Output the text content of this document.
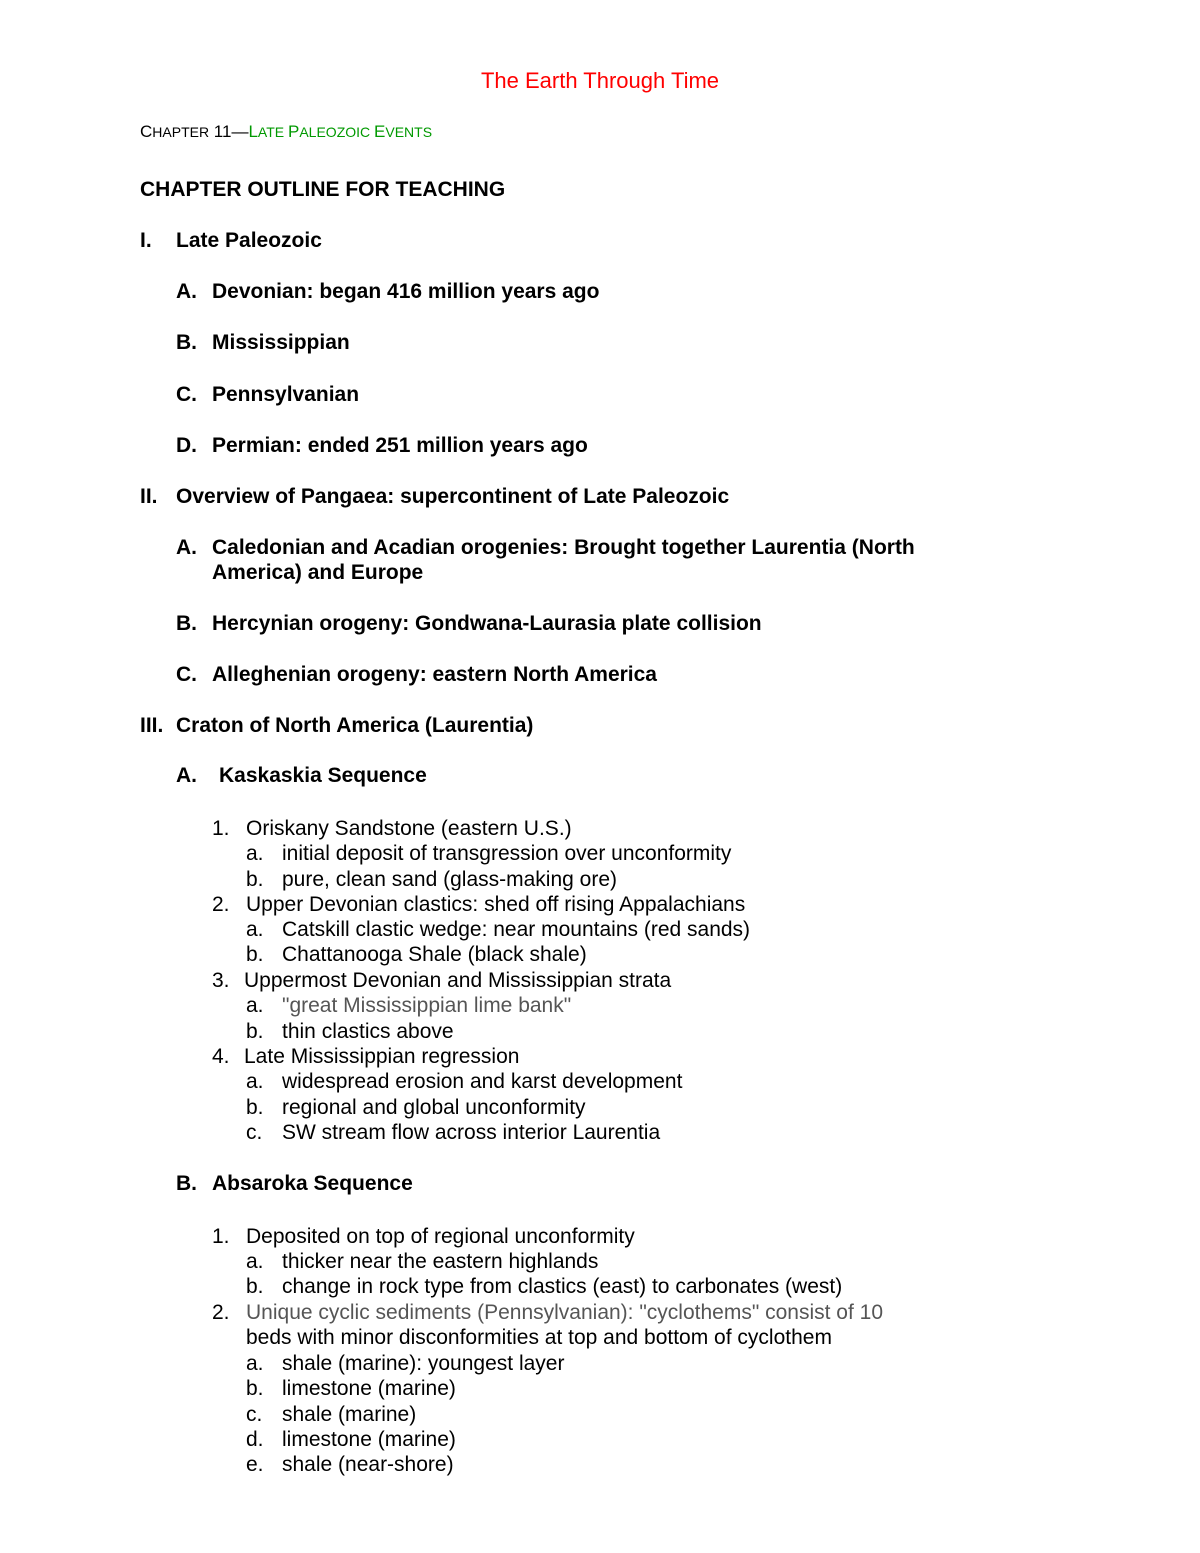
The Earth Through Time
CHAPTER 11—LATE PALEOZOIC EVENTS
CHAPTER OUTLINE FOR TEACHING
I. Late Paleozoic
A. Devonian: began 416 million years ago
B. Mississippian
C. Pennsylvanian
D. Permian: ended 251 million years ago
II. Overview of Pangaea: supercontinent of Late Paleozoic
A. Caledonian and Acadian orogenies: Brought together Laurentia (North
America) and Europe
B. Hercynian orogeny: Gondwana-Laurasia plate collision
C. Alleghenian orogeny: eastern North America
III. Craton of North America (Laurentia)
A. Kaskaskia Sequence
1. Oriskany Sandstone (eastern U.S.)
a. initial deposit of transgression over unconformity
b. pure, clean sand (glass-making ore)
2. Upper Devonian clastics: shed off rising Appalachians
a. Catskill clastic wedge: near mountains (red sands)
b. Chattanooga Shale (black shale)
3. Uppermost Devonian and Mississippian strata
a. "great Mississippian lime bank"
b. thin clastics above
4. Late Mississippian regression
a. widespread erosion and karst development
b. regional and global unconformity
c. SW stream flow across interior Laurentia
B. Absaroka Sequence
1. Deposited on top of regional unconformity
a. thicker near the eastern highlands
b. change in rock type from clastics (east) to carbonates (west)
2. Unique cyclic sediments (Pennsylvanian): "cyclothems" consist of 10
beds with minor disconformities at top and bottom of cyclothem
a. shale (marine): youngest layer
b. limestone (marine)
c. shale (marine)
d. limestone (marine)
e. shale (near-shore)
